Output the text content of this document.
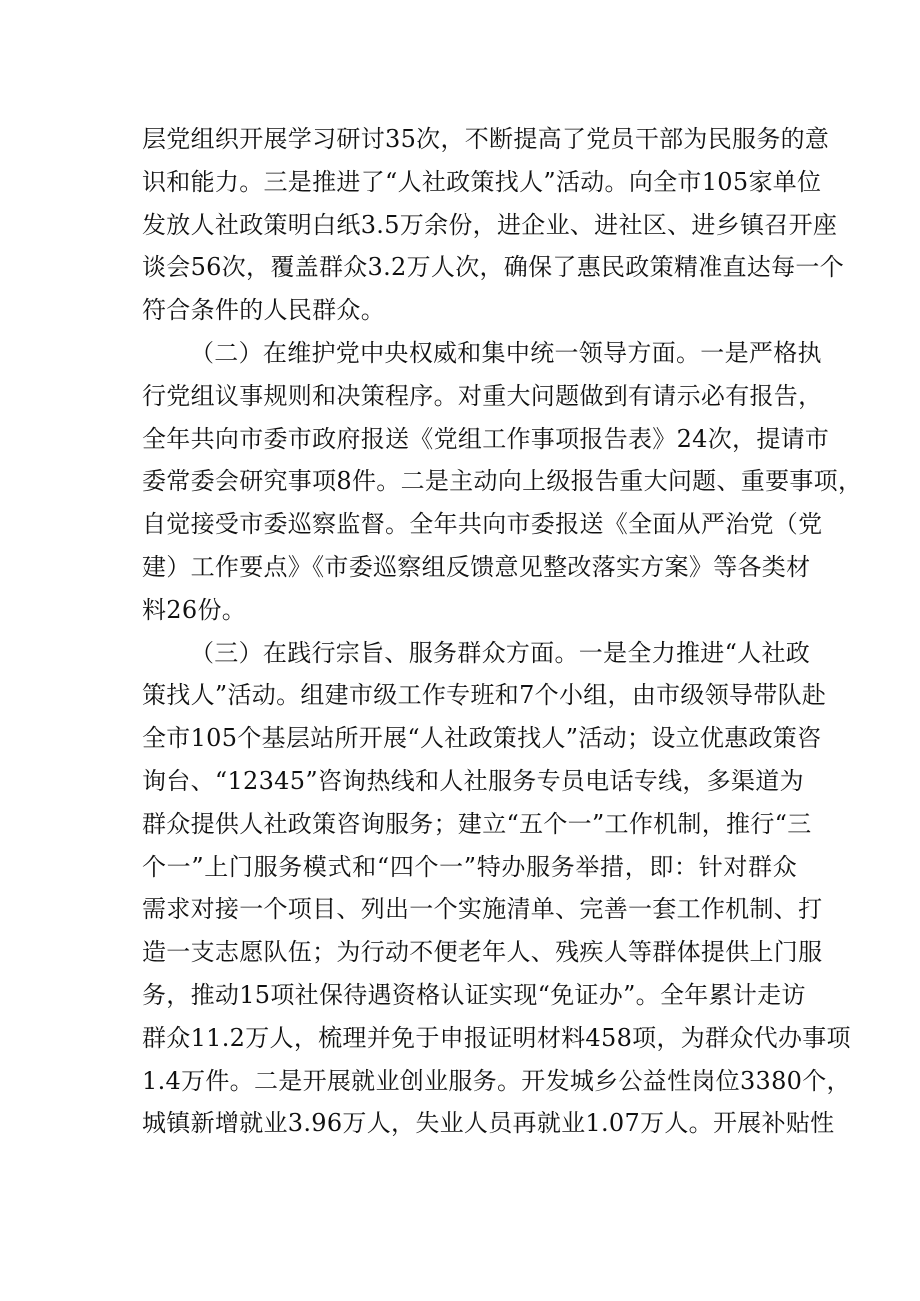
层党组织开展学习研讨35次，不断提高了党员干部为民服务的意
识和能力。三是推进了“人社政策找人”活动。向全市105家单位
发放人社政策明白纸3.5万余份，进企业、进社区、进乡镇召开座
谈会56次，覆盖群众3.2万人次，确保了惠民政策精准直达每一个
符合条件的人民群众。
（二）在维护党中央权威和集中统一领导方面。一是严格执
行党组议事规则和决策程序。对重大问题做到有请示必有报告，
全年共向市委市政府报送《党组工作事项报告表》24次，提请市
委常委会研究事项8件。二是主动向上级报告重大问题、重要事项，
自觉接受市委巡察监督。全年共向市委报送《全面从严治党（党
建）工作要点》《市委巡察组反馈意见整改落实方案》等各类材
料26份。
（三）在践行宗旨、服务群众方面。一是全力推进“人社政
策找人”活动。组建市级工作专班和7个小组，由市级领导带队赴
全市105个基层站所开展“人社政策找人”活动；设立优惠政策咨
询台、“12345”咨询热线和人社服务专员电话专线，多渠道为
群众提供人社政策咨询服务；建立“五个一”工作机制，推行“三
个一”上门服务模式和“四个一”特办服务举措，即：针对群众
需求对接一个项目、列出一个实施清单、完善一套工作机制、打
造一支志愿队伍；为行动不便老年人、残疾人等群体提供上门服
务，推动15项社保待遇资格认证实现“免证办”。全年累计走访
群众11.2万人，梳理并免于申报证明材料458项，为群众代办事项
1.4万件。二是开展就业创业服务。开发城乡公益性岗位3380个，
城镇新增就业3.96万人，失业人员再就业1.07万人。开展补贴性
